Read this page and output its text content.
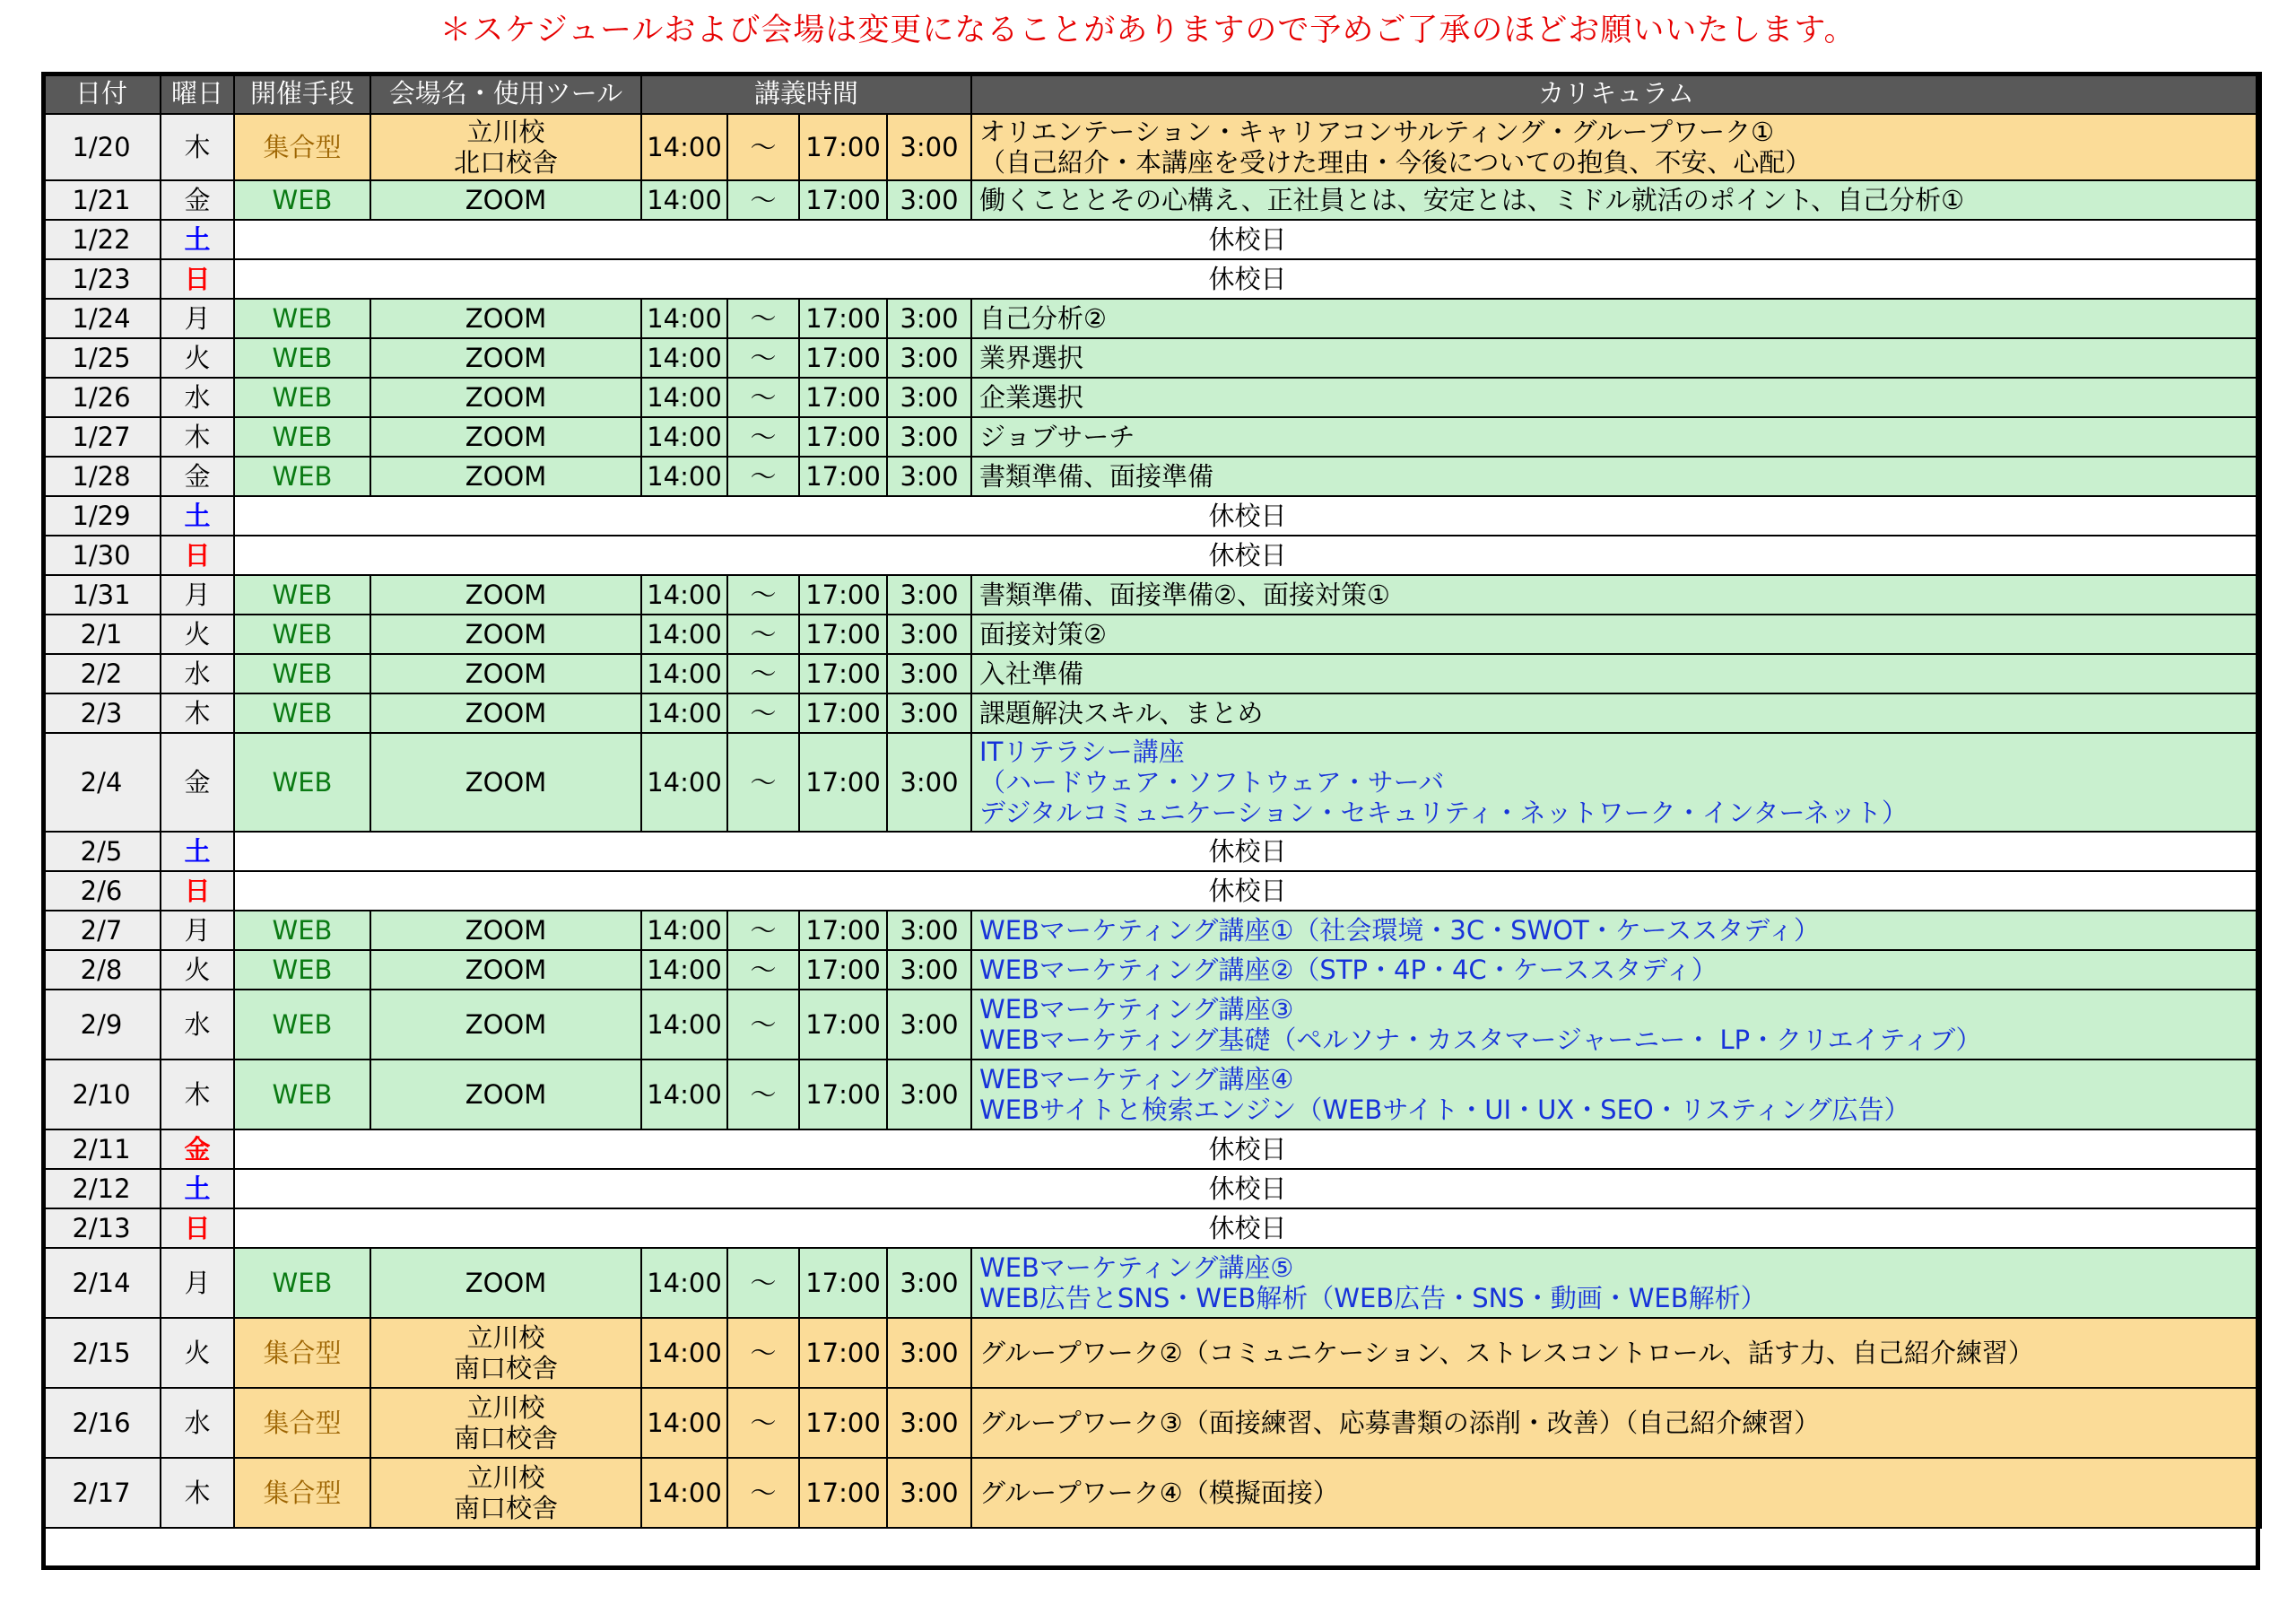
＊スケジュールおよび会場は変更になることがありますので予めご了承のほどお願いいたします。
日付	曜日	開催手段	会場名・使用ツール	講義時間				カリキュラム
1/20	木	集合型	立川校
北口校舎	14:00	～	17:00	3:00	オリエンテーション・キャリアコンサルティング・グループワーク①
（自己紹介・本講座を受けた理由・今後についての抱負、不安、心配）
1/21	金	WEB	ZOOM	14:00	～	17:00	3:00	働くこととその心構え、正社員とは、安定とは、ミドル就活のポイント、自己分析①
1/22	土	休校日						
1/23	日	休校日						
1/24	月	WEB	ZOOM	14:00	～	17:00	3:00	自己分析②
1/25	火	WEB	ZOOM	14:00	～	17:00	3:00	業界選択
1/26	水	WEB	ZOOM	14:00	～	17:00	3:00	企業選択
1/27	木	WEB	ZOOM	14:00	～	17:00	3:00	ジョブサーチ
1/28	金	WEB	ZOOM	14:00	～	17:00	3:00	書類準備、面接準備
1/29	土	休校日						
1/30	日	休校日						
1/31	月	WEB	ZOOM	14:00	～	17:00	3:00	書類準備、面接準備②、面接対策①
2/1	火	WEB	ZOOM	14:00	～	17:00	3:00	面接対策②
2/2	水	WEB	ZOOM	14:00	～	17:00	3:00	入社準備
2/3	木	WEB	ZOOM	14:00	～	17:00	3:00	課題解決スキル、まとめ
2/4	金	WEB	ZOOM	14:00	～	17:00	3:00	ITリテラシー講座
（ハードウェア・ソフトウェア・サーバ
デジタルコミュニケーション・セキュリティ・ネットワーク・インターネット）
2/5	土	休校日						
2/6	日	休校日						
2/7	月	WEB	ZOOM	14:00	～	17:00	3:00	WEBマーケティング講座①（社会環境・3C・SWOT・ケーススタディ）
2/8	火	WEB	ZOOM	14:00	～	17:00	3:00	WEBマーケティング講座②（STP・4P・4C・ケーススタディ）
2/9	水	WEB	ZOOM	14:00	～	17:00	3:00	WEBマーケティング講座③
WEBマーケティング基礎（ペルソナ・カスタマージャーニー・ LP・クリエイティブ）
2/10	木	WEB	ZOOM	14:00	～	17:00	3:00	WEBマーケティング講座④
WEBサイトと検索エンジン（WEBサイト・UI・UX・SEO・リスティング広告）
2/11	金	休校日						
2/12	土	休校日						
2/13	日	休校日						
2/14	月	WEB	ZOOM	14:00	～	17:00	3:00	WEBマーケティング講座⑤
WEB広告とSNS・WEB解析（WEB広告・SNS・動画・WEB解析）
2/15	火	集合型	立川校
南口校舎	14:00	～	17:00	3:00	グループワーク②（コミュニケーション、ストレスコントロール、話す力、自己紹介練習）
2/16	水	集合型	立川校
南口校舎	14:00	～	17:00	3:00	グループワーク③（面接練習、応募書類の添削・改善）（自己紹介練習）
2/17	木	集合型	立川校
南口校舎	14:00	～	17:00	3:00	グループワーク④（模擬面接）
